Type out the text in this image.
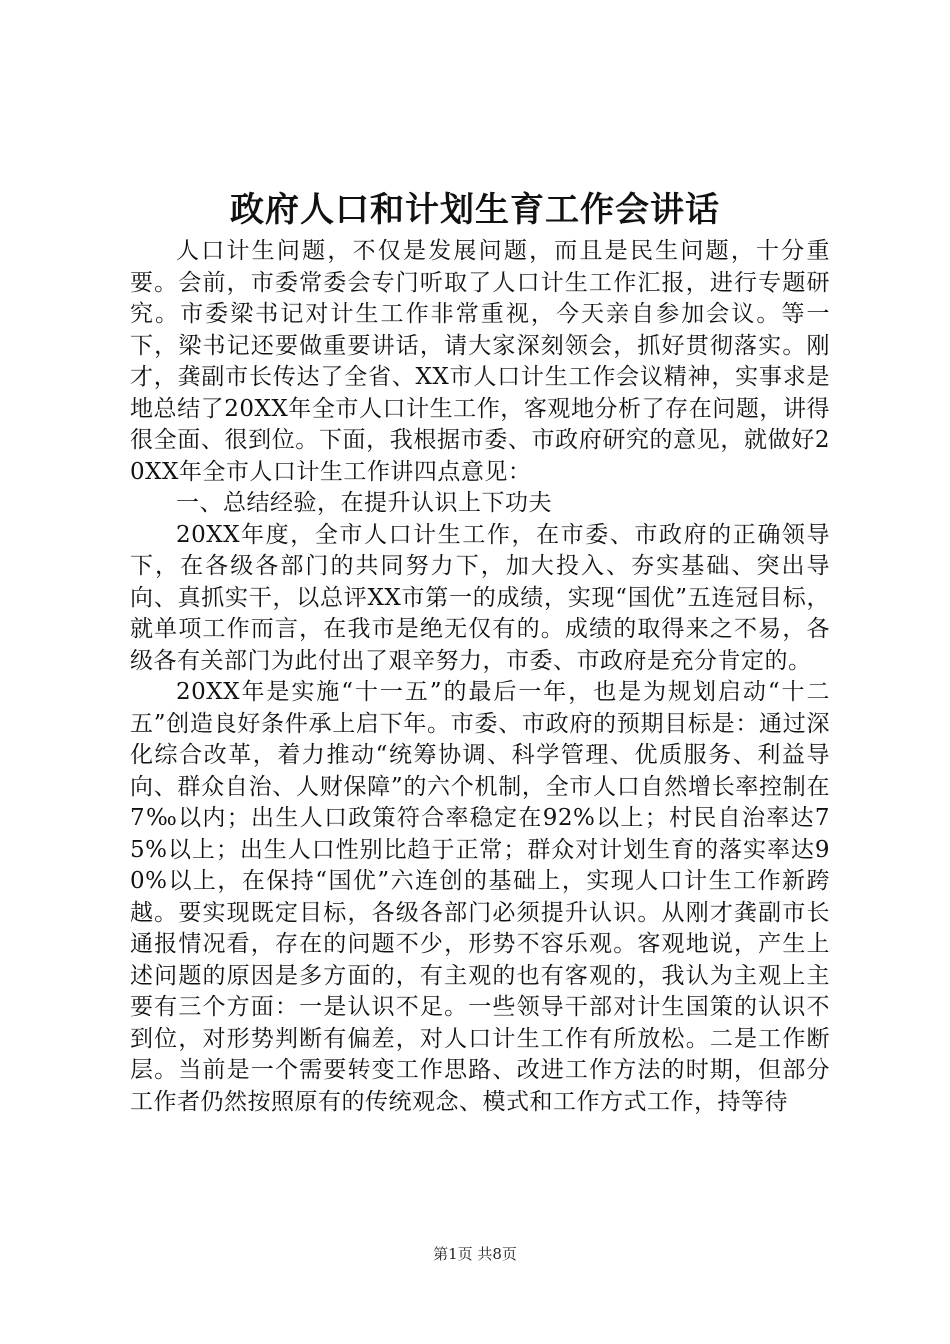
政府人口和计划生育工作会讲话

人口计生问题，不仅是发展问题，而且是民生问题，十分重要。会前，市委常委会专门听取了人口计生工作汇报，进行专题研究。市委梁书记对计生工作非常重视，今天亲自参加会议。等一下，梁书记还要做重要讲话，请大家深刻领会，抓好贯彻落实。刚才，龚副市长传达了全省、XX市人口计生工作会议精神，实事求是地总结了20XX年全市人口计生工作，客观地分析了存在问题，讲得很全面、很到位。下面，我根据市委、市政府研究的意见，就做好20XX年全市人口计生工作讲四点意见：

一、总结经验，在提升认识上下功夫

20XX年度，全市人口计生工作，在市委、市政府的正确领导下，在各级各部门的共同努力下，加大投入、夯实基础、突出导向、真抓实干，以总评XX市第一的成绩，实现“国优”五连冠目标，就单项工作而言，在我市是绝无仅有的。成绩的取得来之不易，各级各有关部门为此付出了艰辛努力，市委、市政府是充分肯定的。

20XX年是实施“十一五”的最后一年，也是为规划启动“十二五”创造良好条件承上启下年。市委、市政府的预期目标是：通过深化综合改革，着力推动“统筹协调、科学管理、优质服务、利益导向、群众自治、人财保障”的六个机制，全市人口自然增长率控制在7‰以内；出生人口政策符合率稳定在92%以上；村民自治率达75%以上；出生人口性别比趋于正常；群众对计划生育的落实率达90%以上，在保持“国优”六连创的基础上，实现人口计生工作新跨越。要实现既定目标，各级各部门必须提升认识。从刚才龚副市长通报情况看，存在的问题不少，形势不容乐观。客观地说，产生上述问题的原因是多方面的，有主观的也有客观的，我认为主观上主要有三个方面：一是认识不足。一些领导干部对计生国策的认识不到位，对形势判断有偏差，对人口计生工作有所放松。二是工作断层。当前是一个需要转变工作思路、改进工作方法的时期，但部分工作者仍然按照原有的传统观念、模式和工作方式工作，持等待

第1页 共8页
